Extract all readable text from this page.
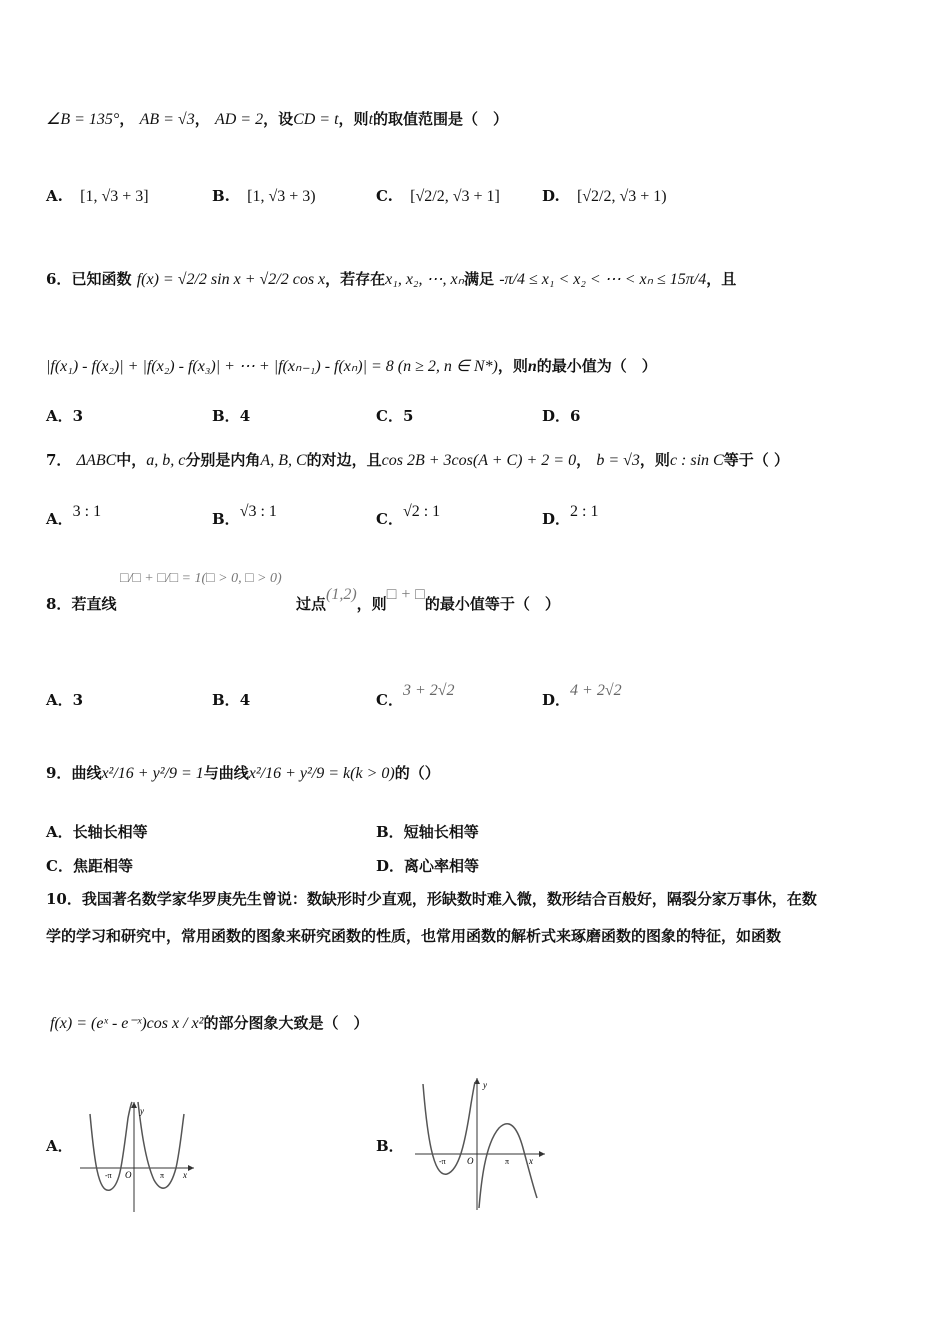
∠B = 135°， AB = √3， AD = 2，设CD = t，则t的取值范围是（　）
A. [1, √3 + 3]	B. [1, √3 + 3)	C. [√2/2, √3 + 1]	D. [√2/2, √3 + 1)
6．已知函数 f(x) = √2/2 sin x + √2/2 cos x，若存在x₁, x₂, ⋯, xₙ满足 -π/4 ≤ x₁ < x₂ < ⋯ < xₙ ≤ 15π/4，且
|f(x₁) - f(x₂)| + |f(x₂) - f(x₃)| + ⋯ + |f(xₙ₋₁) - f(xₙ)| = 8 (n ≥ 2, n ∈ N*)，则n的最小值为（　）
A．3	B．4	C．5	D．6
7． ΔABC中，a, b, c分别是内角A, B, C的对边，且cos 2B + 3cos(A + C) + 2 = 0， b = √3，则c : sin C等于（ ）
A．3 : 1	B．√3 : 1	C．√2 : 1	D．2 : 1
8．若直线
□/□ + □/□ = 1(□ > 0, □ > 0)
过点(1,2)，则□ + □的最小值等于（　）
A．3	B．4	C．3 + 2√2
D．4 + 2√2
9．曲线x²/16 + y²/9 = 1与曲线x²/16 + y²/9 = k(k > 0)的（）
A．长轴长相等	B．短轴长相等
C．焦距相等	D．离心率相等
10．我国著名数学家华罗庚先生曾说：数缺形时少直观，形缺数时难入微，数形结合百般好，隔裂分家万事休，在数
学的学习和研究中，常用函数的图象来研究函数的性质，也常用函数的解析式来琢磨函数的图象的特征，如函数
f(x) = (eˣ - e⁻ˣ)cos x / x²的部分图象大致是（　）
A．
y
x
O
-π	π
B．
y
x
O
-π	π
